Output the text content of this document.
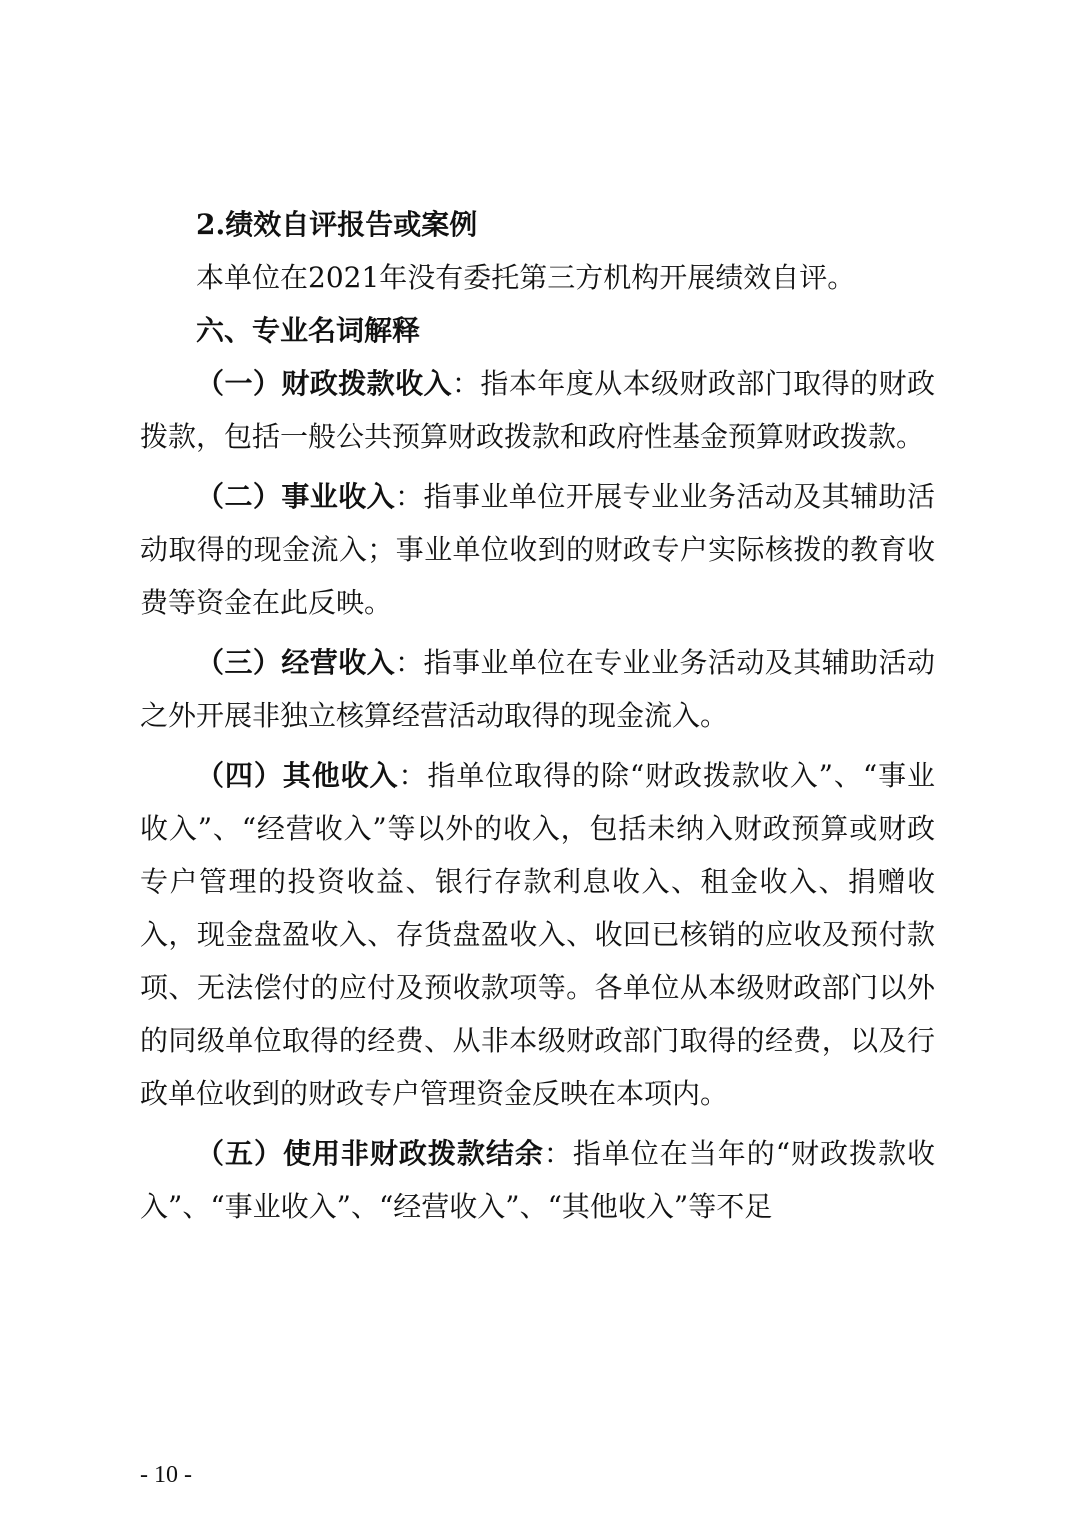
2.绩效自评报告或案例

本单位在2021年没有委托第三方机构开展绩效自评。

六、专业名词解释

（一）财政拨款收入：指本年度从本级财政部门取得的财政拨款，包括一般公共预算财政拨款和政府性基金预算财政拨款。

（二）事业收入：指事业单位开展专业业务活动及其辅助活动取得的现金流入；事业单位收到的财政专户实际核拨的教育收费等资金在此反映。

（三）经营收入：指事业单位在专业业务活动及其辅助活动之外开展非独立核算经营活动取得的现金流入。

（四）其他收入：指单位取得的除“财政拨款收入”、“事业收入”、“经营收入”等以外的收入，包括未纳入财政预算或财政专户管理的投资收益、银行存款利息收入、租金收入、捐赠收入，现金盘盈收入、存货盘盈收入、收回已核销的应收及预付款项、无法偿付的应付及预收款项等。各单位从本级财政部门以外的同级单位取得的经费、从非本级财政部门取得的经费，以及行政单位收到的财政专户管理资金反映在本项内。

（五）使用非财政拨款结余：指单位在当年的“财政拨款收入”、“事业收入”、“经营收入”、“其他收入”等不足

- 10 -
